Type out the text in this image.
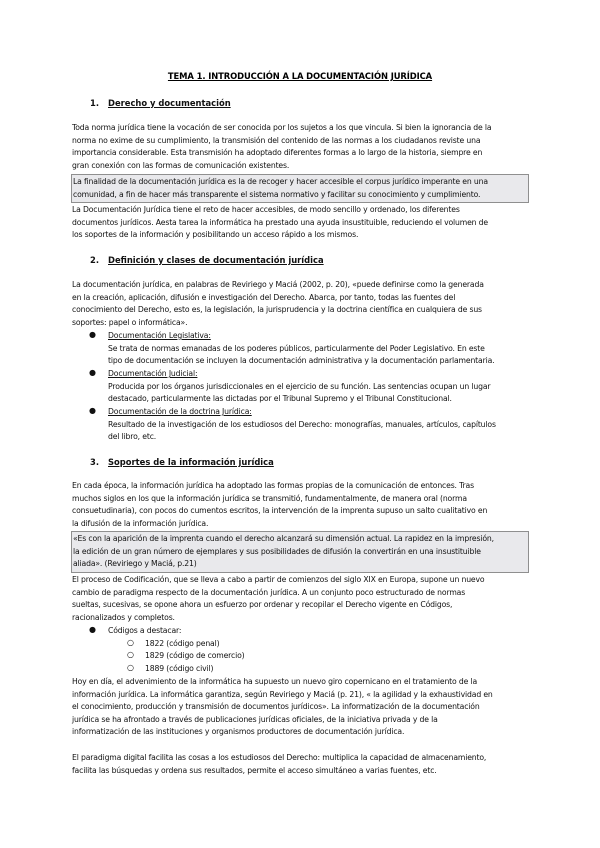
TEMA 1. INTRODUCCIÓN A LA DOCUMENTACIÓN JURÍDICA
1. Derecho y documentación
Toda norma jurídica tiene la vocación de ser conocida por los sujetos a los que vincula. Si bien la ignorancia de la
norma no exime de su cumplimiento, la transmisión del contenido de las normas a los ciudadanos reviste una
importancia considerable. Esta transmisión ha adoptado diferentes formas a lo largo de la historia, siempre en
gran conexión con las formas de comunicación existentes.
La finalidad de la documentación jurídica es la de recoger y hacer accesible el corpus jurídico imperante en una
comunidad, a fin de hacer más transparente el sistema normativo y facilitar su conocimiento y cumplimiento.
La Documentación Jurídica tiene el reto de hacer accesibles, de modo sencillo y ordenado, los diferentes
documentos jurídicos. Aesta tarea la informática ha prestado una ayuda insustituible, reduciendo el volumen de
los soportes de la información y posibilitando un acceso rápido a los mismos.
2. Definición y clases de documentación jurídica
La documentación jurídica, en palabras de Reviriego y Maciá (2002, p. 20), «puede definirse como la generada
en la creación, aplicación, difusión e investigación del Derecho. Abarca, por tanto, todas las fuentes del
conocimiento del Derecho, esto es, la legislación, la jurisprudencia y la doctrina científica en cualquiera de sus
soportes: papel o informática».
● Documentación Legislativa:
Se trata de normas emanadas de los poderes públicos, particularmente del Poder Legislativo. En este
tipo de documentación se incluyen la documentación administrativa y la documentación parlamentaria.
● Documentación Judicial:
Producida por los órganos jurisdiccionales en el ejercicio de su función. Las sentencias ocupan un lugar
destacado, particularmente las dictadas por el Tribunal Supremo y el Tribunal Constitucional.
● Documentación de la doctrina Jurídica:
Resultado de la investigación de los estudiosos del Derecho: monografías, manuales, artículos, capítulos
del libro, etc.
3. Soportes de la información jurídica
En cada época, la información jurídica ha adoptado las formas propias de la comunicación de entonces. Tras
muchos siglos en los que la información jurídica se transmitió, fundamentalmente, de manera oral (norma
consuetudinaria), con pocos do cumentos escritos, la intervención de la imprenta supuso un salto cualitativo en
la difusión de la información jurídica.
«Es con la aparición de la imprenta cuando el derecho alcanzará su dimensión actual. La rapidez en la impresión,
la edición de un gran número de ejemplares y sus posibilidades de difusión la convertirán en una insustituible
aliada». (Reviriego y Maciá, p.21)
El proceso de Codificación, que se lleva a cabo a partir de comienzos del siglo XIX en Europa, supone un nuevo
cambio de paradigma respecto de la documentación jurídica. A un conjunto poco estructurado de normas
sueltas, sucesivas, se opone ahora un esfuerzo por ordenar y recopilar el Derecho vigente en Códigos,
racionalizados y completos.
● Códigos a destacar:
○ 1822 (código penal)
○ 1829 (código de comercio)
○ 1889 (código civil)
Hoy en día, el advenimiento de la informática ha supuesto un nuevo giro copernicano en el tratamiento de la
información jurídica. La informática garantiza, según Reviriego y Maciá (p. 21), « la agilidad y la exhaustividad en
el conocimiento, producción y transmisión de documentos jurídicos». La informatización de la documentación
jurídica se ha afrontado a través de publicaciones jurídicas oficiales, de la iniciativa privada y de la
informatización de las instituciones y organismos productores de documentación jurídica.
El paradigma digital facilita las cosas a los estudiosos del Derecho: multiplica la capacidad de almacenamiento,
facilita las búsquedas y ordena sus resultados, permite el acceso simultáneo a varias fuentes, etc.
